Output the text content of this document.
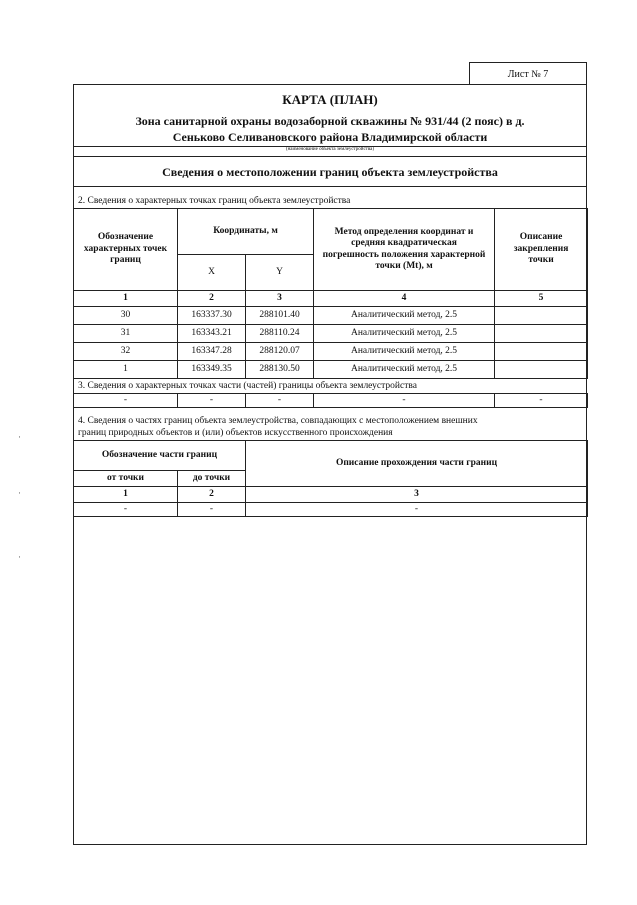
Лист № 7
КАРТА (ПЛАН)
Зона санитарной охраны водозаборной скважины № 931/44 (2 пояс) в д.
Сеньково Селивановского района Владимирской области
(наименование объекта землеустройства)
Сведения о местоположении границ объекта землеустройства
2. Сведения о характерных точках границ объекта землеустройства
Обозначение характерных точек границ	Координаты, м		Метод определения координат и средняя квадратическая погрешность положения характерной точки (Mt), м	Описание закрепления точки
	X	Y		
1	2	3	4	5
30	163337.30	288101.40	Аналитический метод, 2.5	
31	163343.21	288110.24	Аналитический метод, 2.5	
32	163347.28	288120.07	Аналитический метод, 2.5	
1	163349.35	288130.50	Аналитический метод, 2.5	
3. Сведения о характерных точках части (частей) границы объекта землеустройства
-	-	-	-	-
4. Сведения о частях границ объекта землеустройства, совпадающих с местоположением внешних
границ природных объектов и (или) объектов искусственного происхождения
Обозначение части границ		Описание прохождения части границ
от точки	до точки	
1	2	3
-	-	-
·
·
·
